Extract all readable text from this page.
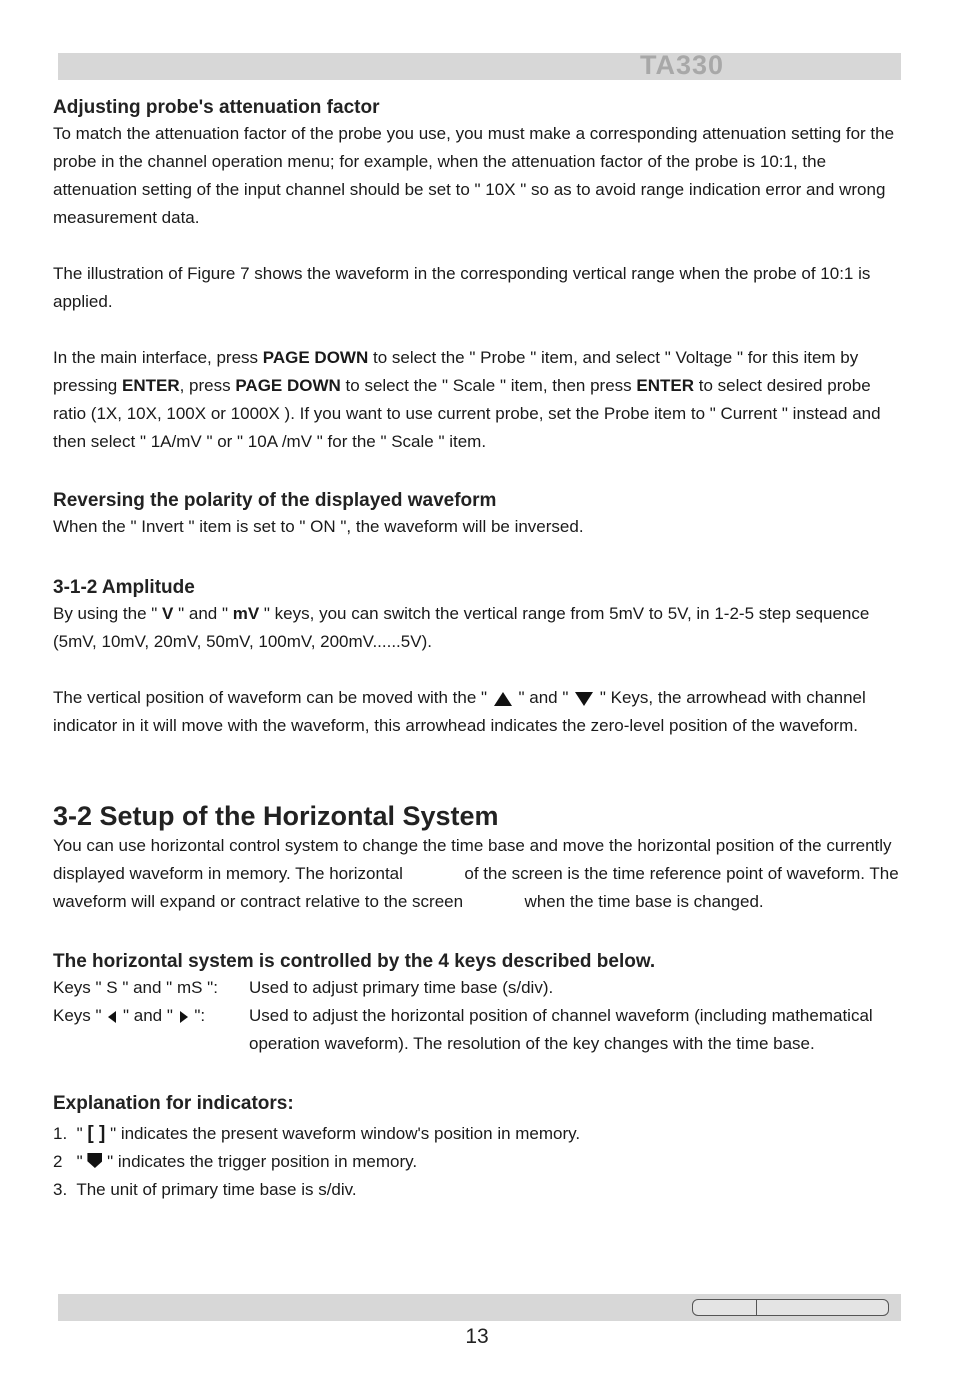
TA330
Adjusting probe's attenuation factor

To match the attenuation factor of the probe you use, you must make a corresponding attenuation setting for the probe in the channel operation menu; for example, when the attenuation factor of the probe is 10:1, the attenuation setting of the input channel should be set to " 10X " so as to avoid range indication error and wrong measurement data.

The illustration of Figure 7 shows the waveform in the corresponding vertical range when the probe of 10:1 is applied.

In the main interface, press PAGE DOWN to select the " Probe " item, and select " Voltage " for this item by pressing ENTER, press PAGE DOWN to select the " Scale " item, then press ENTER to select desired probe ratio (1X, 10X, 100X or 1000X ). If you want to use current probe, set the Probe item to " Current " instead and then select " 1A/mV " or " 10A /mV " for the " Scale " item.

Reversing the polarity of the displayed waveform

When the " Invert " item is set to " ON ", the waveform will be inversed.

3-1-2 Amplitude

By using the " V " and " mV " keys, you can switch the vertical range from 5mV to 5V, in 1-2-5 step sequence (5mV, 10mV, 20mV, 50mV, 100mV, 200mV......5V).

The vertical position of waveform can be moved with the "  " and "  " Keys, the arrowhead with channel indicator in it will move with the waveform, this arrowhead indicates the zero-level position of the waveform.

3-2 Setup of the Horizontal System

You can use horizontal control system to change the time base and move the horizontal position of the currently displayed waveform in memory. The horizontal	of the screen is the time reference point of waveform. The waveform will expand or contract relative to the screen	when the time base is changed.

The horizontal system is controlled by the 4 keys described below.
Keys " S " and " mS ":	Used to adjust primary time base (s/div).
Keys "  " and "  ":	Used to adjust the horizontal position of channel waveform (including mathematical operation waveform). The resolution of the key changes with the time base.
Explanation for indicators:
1. " [ ] " indicates the present waveform window's position in memory.
2 "  " indicates the trigger position in memory.
3. The unit of primary time base is s/div.
13
